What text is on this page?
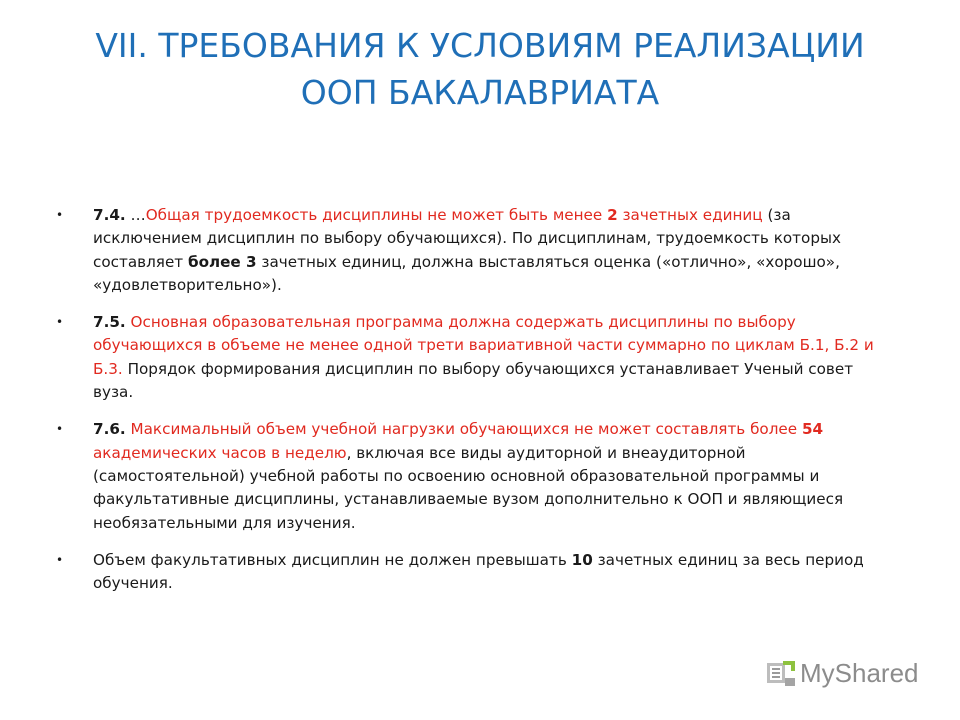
VII. ТРЕБОВАНИЯ К УСЛОВИЯМ РЕАЛИЗАЦИИ
ООП БАКАЛАВРИАТА
• 7.4. …Общая трудоемкость дисциплины не может быть менее 2 зачетных единиц (за исключением дисциплин по выбору обучающихся). По дисциплинам, трудоемкость которых составляет более 3 зачетных единиц, должна выставляться оценка («отлично», «хорошо», «удовлетворительно»).
• 7.5. Основная образовательная программа должна содержать дисциплины по выбору обучающихся в объеме не менее одной трети вариативной части суммарно по циклам Б.1, Б.2 и Б.3. Порядок формирования дисциплин по выбору обучающихся устанавливает Ученый совет вуза.
• 7.6. Максимальный объем учебной нагрузки обучающихся не может составлять более 54 академических часов в неделю, включая все виды аудиторной и внеаудиторной (самостоятельной) учебной работы по освоению основной образовательной программы и факультативные дисциплины, устанавливаемые вузом дополнительно к ООП и являющиеся необязательными для изучения.
• Объем факультативных дисциплин не должен превышать 10 зачетных единиц за весь период обучения.
MyShared
